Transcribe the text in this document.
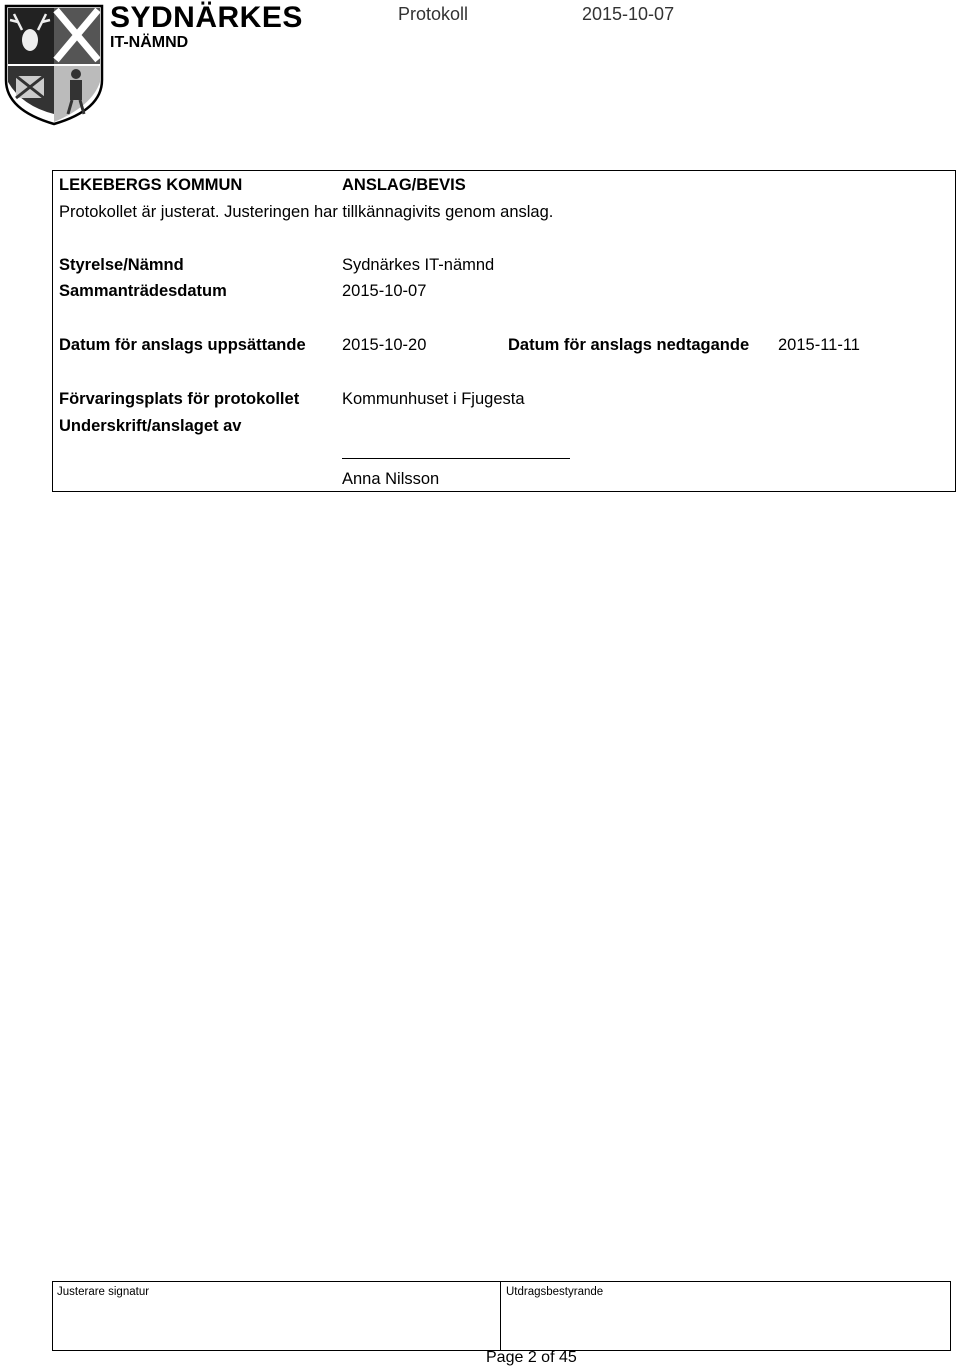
SYDNÄRKES
IT-NÄMND
Protokoll	2015-10-07
LEKEBERGS KOMMUN	ANSLAG/BEVIS
Protokollet är justerat. Justeringen har tillkännagivits genom anslag.
Styrelse/Nämnd	Sydnärkes IT-nämnd
Sammanträdesdatum	2015-10-07
Datum för anslags uppsättande 2015-10-20	Datum för anslags nedtagande 2015-11-11
Förvaringsplats för protokollet	Kommunhuset i Fjugesta
Underskrift/anslaget av
Anna Nilsson
Justerare signatur	Utdragsbestyrande
Page 2 of 45
